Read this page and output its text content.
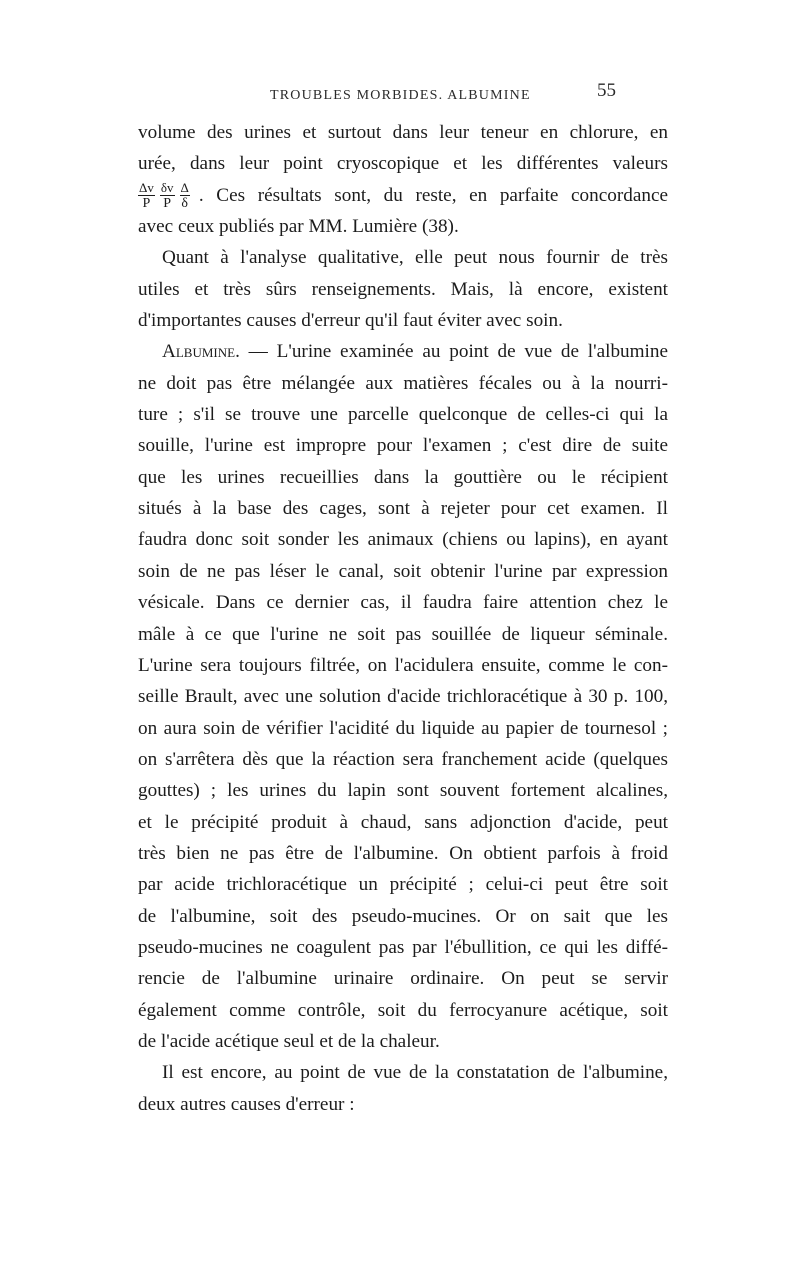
TROUBLES MORBIDES. ALBUMINE	55
volume des urines et surtout dans leur teneur en chlorure, en
urée, dans leur point cryoscopique et les différentes valeurs
$\frac{\Delta v}{P} \frac{\delta v}{P} \frac{\Delta}{\delta}$ . Ces résultats sont, du reste, en parfaite concordance
avec ceux publiés par MM. Lumière (38).
Quant à l'analyse qualitative, elle peut nous fournir de très
utiles et très sûrs renseignements. Mais, là encore, existent
d'importantes causes d'erreur qu'il faut éviter avec soin.
Albumine. — L'urine examinée au point de vue de l'albumine
ne doit pas être mélangée aux matières fécales ou à la nourri-
ture ; s'il se trouve une parcelle quelconque de celles-ci qui la
souille, l'urine est impropre pour l'examen ; c'est dire de suite
que les urines recueillies dans la gouttière ou le récipient
situés à la base des cages, sont à rejeter pour cet examen. Il
faudra donc soit sonder les animaux (chiens ou lapins), en ayant
soin de ne pas léser le canal, soit obtenir l'urine par expression
vésicale. Dans ce dernier cas, il faudra faire attention chez le
mâle à ce que l'urine ne soit pas souillée de liqueur séminale.
L'urine sera toujours filtrée, on l'acidulera ensuite, comme le con-
seille Brault, avec une solution d'acide trichloracétique à 30 p. 100,
on aura soin de vérifier l'acidité du liquide au papier de tournesol ;
on s'arrêtera dès que la réaction sera franchement acide (quelques
gouttes) ; les urines du lapin sont souvent fortement alcalines,
et le précipité produit à chaud, sans adjonction d'acide, peut
très bien ne pas être de l'albumine. On obtient parfois à froid
par acide trichloracétique un précipité ; celui-ci peut être soit
de l'albumine, soit des pseudo-mucines. Or on sait que les
pseudo-mucines ne coagulent pas par l'ébullition, ce qui les diffé-
rencie de l'albumine urinaire ordinaire. On peut se servir
également comme contrôle, soit du ferrocyanure acétique, soit
de l'acide acétique seul et de la chaleur.
Il est encore, au point de vue de la constatation de l'albumine,
deux autres causes d'erreur :
